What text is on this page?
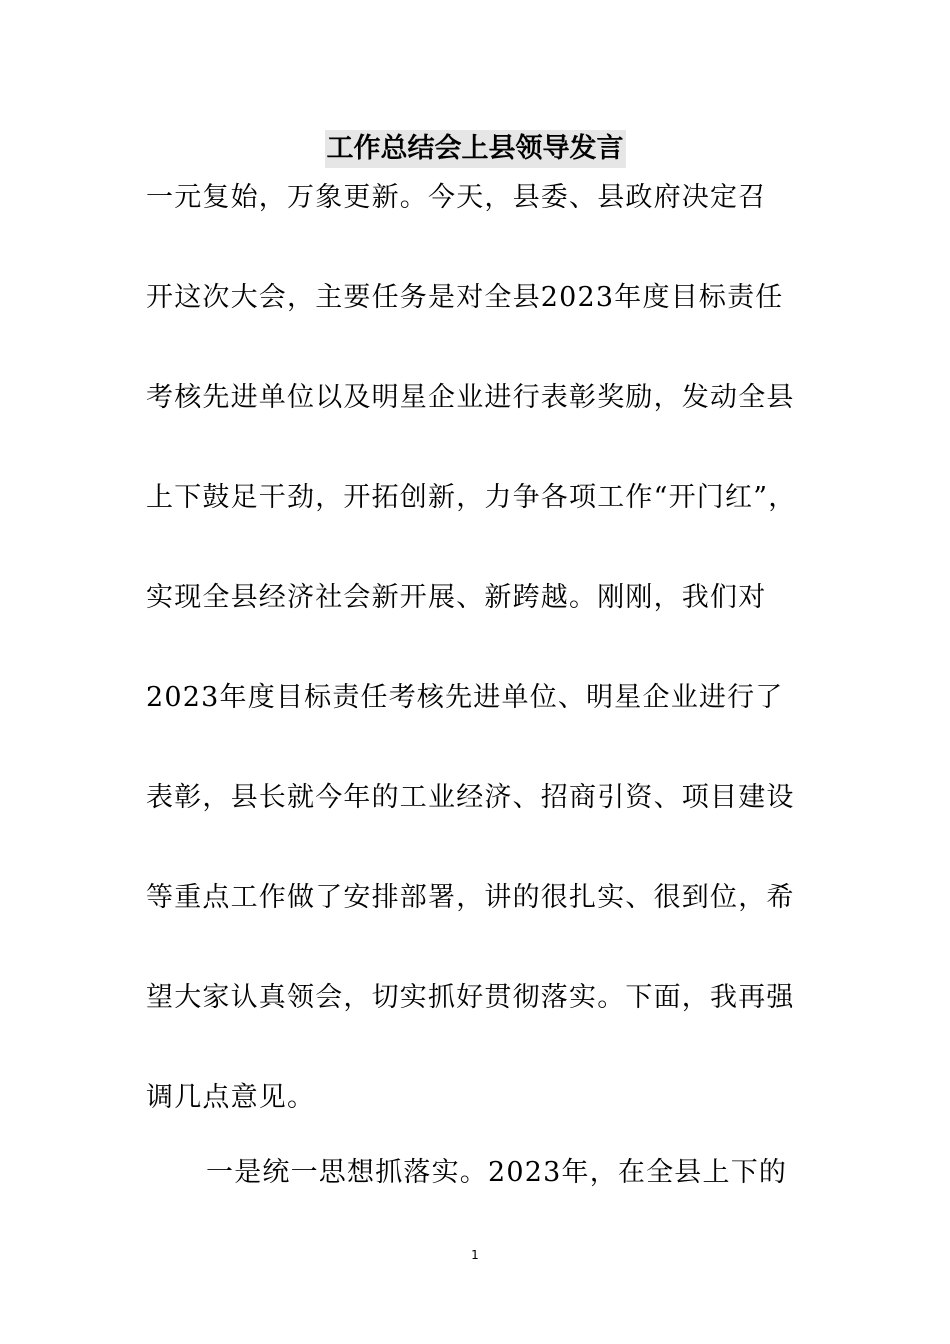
工作总结会上县领导发言
一元复始，万象更新。今天，县委、县政府决定召
开这次大会，主要任务是对全县2023年度目标责任
考核先进单位以及明星企业进行表彰奖励，发动全县
上下鼓足干劲，开拓创新，力争各项工作“开门红”，
实现全县经济社会新开展、新跨越。刚刚，我们对
2023年度目标责任考核先进单位、明星企业进行了
表彰，县长就今年的工业经济、招商引资、项目建设
等重点工作做了安排部署，讲的很扎实、很到位，希
望大家认真领会，切实抓好贯彻落实。下面，我再强
调几点意见。
一是统一思想抓落实。2023年，在全县上下的
1
